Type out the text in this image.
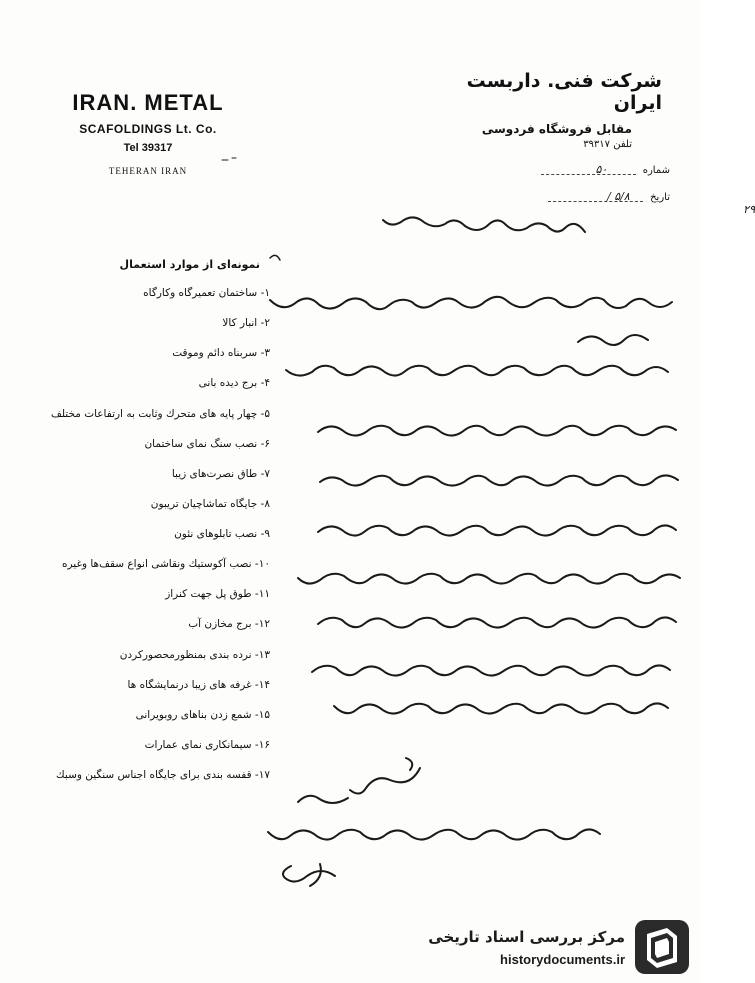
IRAN. METAL
SCAFOLDINGS Lt. Co.
Tel 39317
TEHERAN IRAN
شرکت فنی. داربست ایران
مقابل فروشگاه فردوسی
تلفن ۳۹۳۱۷
شماره  ۵۰
تاریخ  ۵/۸ / ۲۹
نمونه‌ای از موارد استعمال
۱- ساختمان تعمیرگاه وکارگاه
۲- انبار کالا
۳- سربناه دائم وموقت
۴- برج دیده بانی
۵- چهار پایه های متحرك وثابت به ارتفاعات مختلف
۶- نصب سنگ نمای ساختمان
۷- طاق نصرت‌های زیبا
۸- جایگاه تماشاچیان تریبون
۹- نصب تابلوهای نئون
۱۰- نصب آکوستیك ونقاشی انواع سقف‌ها وغیره
۱۱- طوق پل جهت کنراز
۱۲- برج مخازن آب
۱۳- نرده بندی بمنظورمحصورکردن
۱۴- غرفه های زیبا درنمایشگاه ها
۱۵- شمع زدن بناهای روبویرانی
۱۶- سیمانکاری نمای عمارات
۱۷- قفسه بندی برای جایگاه اجناس سنگین وسبك
مرکز بررسی اسناد تاریخی
historydocuments.ir
